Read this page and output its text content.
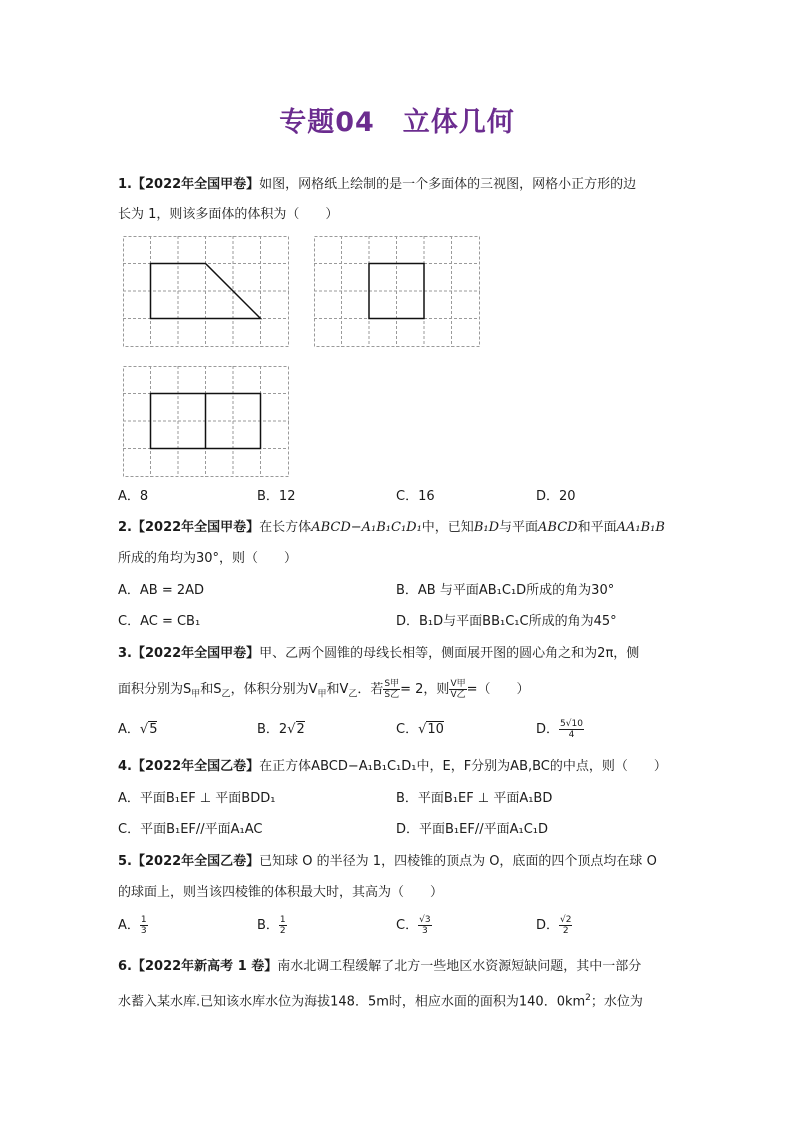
专题04　立体几何
1.【2022年全国甲卷】如图，网格纸上绘制的是一个多面体的三视图，网格小正方形的边
长为 1，则该多面体的体积为（　　）
A．8	B．12	C．16	D．20
2.【2022年全国甲卷】在长方体ABCD−A₁B₁C₁D₁中，已知B₁D与平面ABCD和平面AA₁B₁B
所成的角均为30°，则（　　）
A．AB = 2AD	B．AB 与平面AB₁C₁D所成的角为30°
C．AC = CB₁	D．B₁D与平面BB₁C₁C所成的角为45°
3.【2022年全国甲卷】甲、乙两个圆锥的母线长相等，侧面展开图的圆心角之和为2π，侧
面积分别为$S_甲$和$S_乙$，体积分别为$V_甲$和$V_乙$．若 $\frac{\text{S甲}}{\text{S乙}} = 2$，则 $\frac{\text{V甲}}{\text{V乙}}$ =（　　）
A．√5	B．2√2	C．√10	D． $\frac{5√10}{4}$
4.【2022年全国乙卷】在正方体ABCD−A₁B₁C₁D₁中，E，F分别为AB,BC的中点，则（　　）
A．平面B₁EF ⊥ 平面BDD₁	B．平面B₁EF ⊥ 平面A₁BD
C．平面B₁EF//平面A₁AC	D．平面B₁EF//平面A₁C₁D
5.【2022年全国乙卷】已知球 O 的半径为 1，四棱锥的顶点为 O，底面的四个顶点均在球 O
的球面上，则当该四棱锥的体积最大时，其高为（　　）
A． $\frac{1}{3}$	B． $\frac{1}{2}$	C． $\frac{√3}{3}$	D． $\frac{√2}{2}$
6.【2022年新高考 1 卷】南水北调工程缓解了北方一些地区水资源短缺问题，其中一部分
水蓄入某水库.已知该水库水位为海拔148．5m时，相应水面的面积为140．$0km^2$；水位为
